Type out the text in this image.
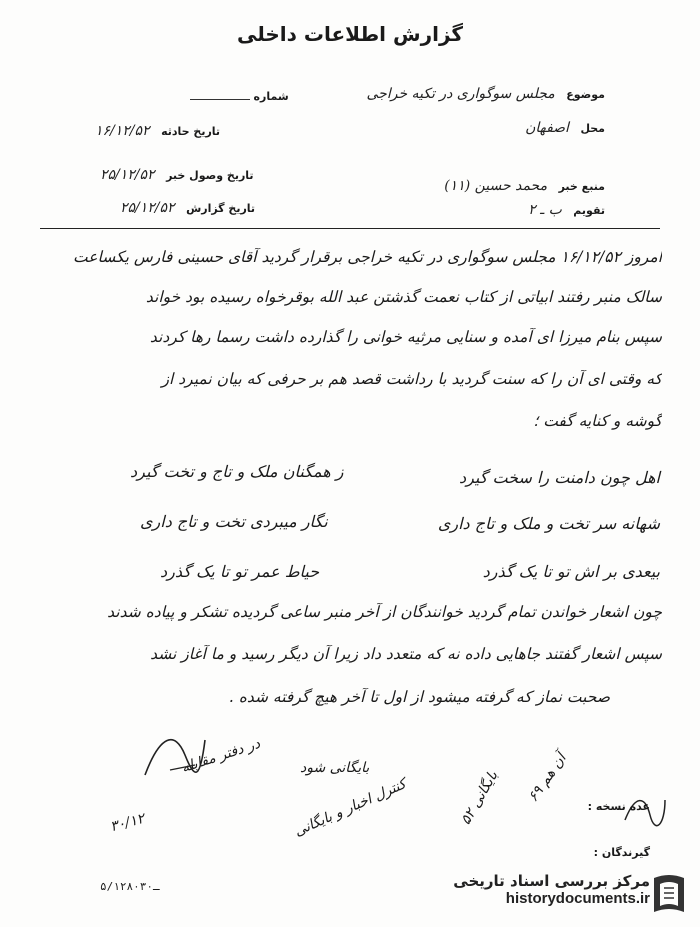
گزارش اطلاعات داخلی
شماره
تاریخ حادثه ۱۶/۱۲/۵۲
تاریخ وصول خبر ۲۵/۱۲/۵۲
تاریخ گزارش ۲۵/۱۲/۵۲
موضوع مجلس سوگواری در تکیه خراجی
محل اصفهان
منبع خبر محمد حسین (۱۱)
تقویم ب ـ ۲
امروز ۱۶/۱۲/۵۲ مجلس سوگواری در تکیه خراجی برقرار گردید آقای حسینی فارس یکساعت
سالک منبر رفتند ابیاتی از کتاب نعمت گذشتن عبد الله بوقرخواه رسیده بود خواند
سپس بنام میرزا ای آمده و سنایی مرثیه خوانی را گذارده داشت رسما رها کردند
که وقتی ای آن را که سنت گردید با رداشت قصد هم بر حرفی که بیان نمیرد از
گوشه و کنایه گفت ؛
ز همگنان ملک و تاج و تخت گیرد	اهل چون دامنت را سخت گیرد
نگار میبردی تخت و تاج داری	شهانه سر تخت و ملک و تاج داری
حیاط عمر تو تا یک گذرد	بیعدی بر اش تو تا یک گذرد
چون اشعار خواندن تمام گردید خوانندگان از آخر منبر ساعی گردیده تشکر و پیاده شدند
سپس اشعار گفتند جاهایی داده نه که متعدد داد زیرا آن دیگر رسید و ما آغاز نشد
صحبت نماز که گرفته میشود از اول تا آخر هیچ گرفته شده .
در دفتر مقابله	بایگانی شود
کنترل اخبار و بایگانی	بایگانی ۵۲ آن هم ۶۹
۳۰/۱۲
عده نسخه :
گیرندگان :
۵/۱۲۸۰ـ۳۰	مرکز بررسی اسناد تاریخی
historydocuments.ir
